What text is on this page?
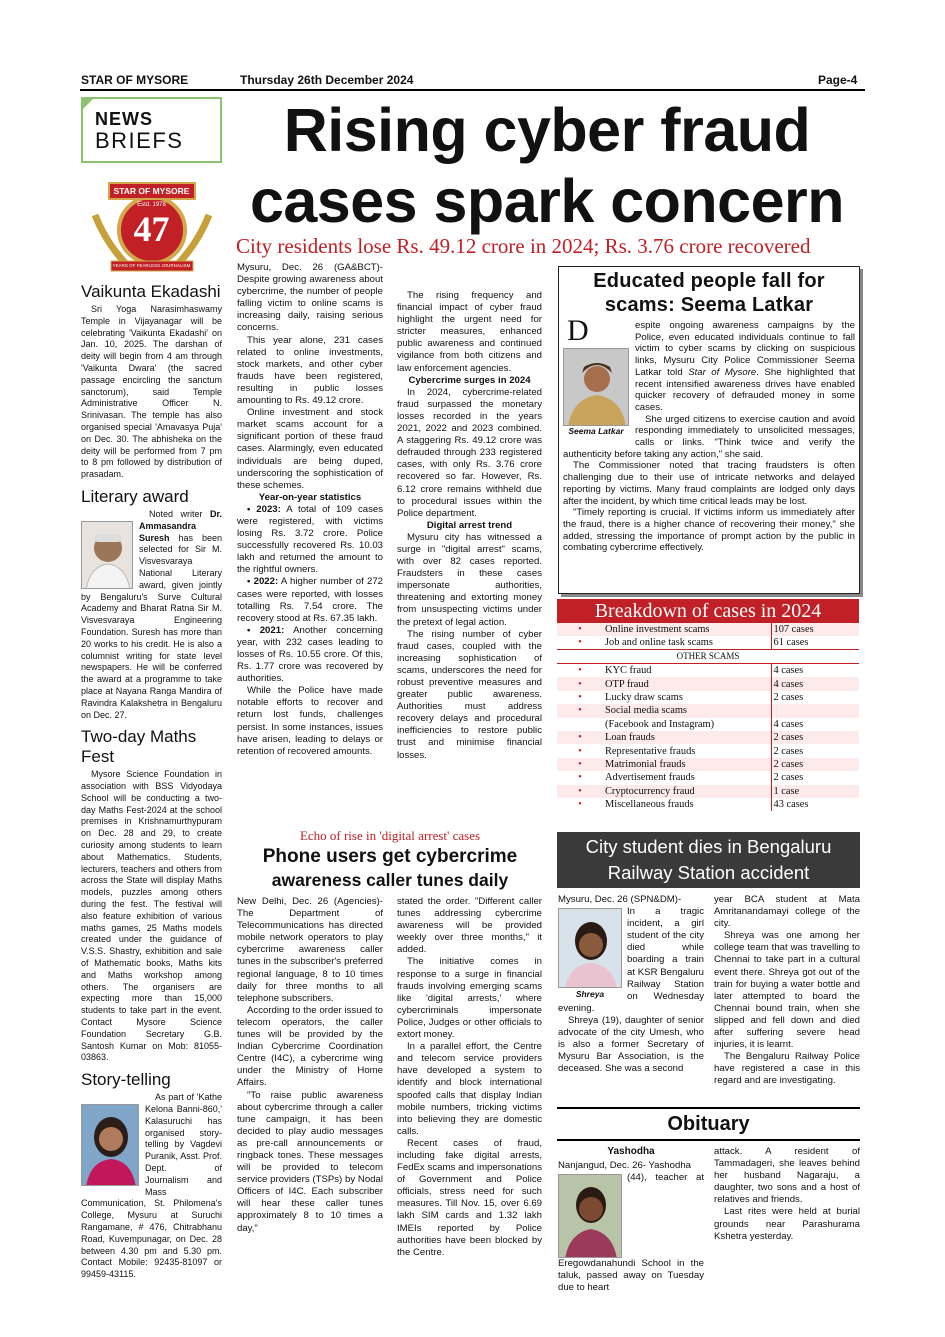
STAR OF MYSORE	Thursday 26th December 2024	Page-4
NEWS
BRIEFS
STAR OF MYSORE
Estd. 1978
47
YEARS OF FEARLESS JOURNALISM
Vaikunta Ekadashi

Sri Yoga Narasimhaswamy Temple in Vijayanagar will be celebrating 'Vaikunta Ekadashi' on Jan. 10, 2025. The darshan of deity will begin from 4 am through 'Vaikunta Dwara' (the sacred passage encircling the sanctum sanctorum), said Temple Administrative Officer N. Srinivasan. The temple has also organised special 'Amavasya Puja' on Dec. 30. The abhisheka on the deity will be performed from 7 pm to 8 pm followed by distribution of prasadam.

Literary award

Noted writer Dr. Ammasandra Suresh has been selected for Sir M. Visvesvaraya National Literary award, given jointly by Bengaluru's Surve Cultural Academy and Bharat Ratna Sir M. Visvesvaraya Engineering Foundation. Suresh has more than 20 works to his credit. He is also a columnist writing for state level newspapers. He will be conferred the award at a programme to take place at Nayana Ranga Mandira of Ravindra Kalakshetra in Bengaluru on Dec. 27.

Two-day Maths Fest

Mysore Science Foundation in association with BSS Vidyodaya School will be conducting a two-day Maths Fest-2024 at the school premises in Krishnamurthypuram on Dec. 28 and 29, to create curiosity among students to learn about Mathematics. Students, lecturers, teachers and others from across the State will display Maths models, puzzles among others during the fest. The festival will also feature exhibition of various maths games, 25 Maths models created under the guidance of V.S.S. Shastry, exhibition and sale of Mathematic books, Maths kits and Maths workshop among others. The organisers are expecting more than 15,000 students to take part in the event. Contact Mysore Science Foundation Secretary G.B. Santosh Kumar on Mob: 81055-03863.

Story-telling

As part of 'Kathe Kelona Banni-860,' Kalasuruchi has organised story-telling by Vagdevi Puranik, Asst. Prof. Dept. of Journalism and Mass Communication, St. Philomena's College, Mysuru at Suruchi Rangamane, # 476, Chitrabhanu Road, Kuvempunagar, on Dec. 28 between 4.30 pm and 5.30 pm. Contact Mobile: 92435-81097 or 99459-43115.

Rising cyber fraud
cases spark concern
City residents lose Rs. 49.12 crore in 2024; Rs. 3.76 crore recovered

Mysuru, Dec. 26 (GA&BCT)- Despite growing awareness about cybercrime, the number of people falling victim to online scams is increasing daily, raising serious concerns.

This year alone, 231 cases related to online investments, stock markets, and other cyber frauds have been registered, resulting in public losses amounting to Rs. 49.12 crore.

Online investment and stock market scams account for a significant portion of these fraud cases. Alarmingly, even educated individuals are being duped, underscoring the sophistication of these schemes.

Year-on-year statistics

• 2023: A total of 109 cases were registered, with victims losing Rs. 3.72 crore. Police successfully recovered Rs. 10.03 lakh and returned the amount to the rightful owners.

• 2022: A higher number of 272 cases were reported, with losses totalling Rs. 7.54 crore. The recovery stood at Rs. 67.35 lakh.

• 2021: Another concerning year, with 232 cases leading to losses of Rs. 10.55 crore. Of this, Rs. 1.77 crore was recovered by authorities.

While the Police have made notable efforts to recover and return lost funds, challenges persist. In some instances, issues have arisen, leading to delays or retention of recovered amounts.

The rising frequency and financial impact of cyber fraud highlight the urgent need for stricter measures, enhanced public awareness and continued vigilance from both citizens and law enforcement agencies.

Cybercrime surges in 2024

In 2024, cybercrime-related fraud surpassed the monetary losses recorded in the years 2021, 2022 and 2023 combined. A staggering Rs. 49.12 crore was defrauded through 233 registered cases, with only Rs. 3.76 crore recovered so far. However, Rs. 6.12 crore remains withheld due to procedural issues within the Police department.

Digital arrest trend

Mysuru city has witnessed a surge in "digital arrest" scams, with over 82 cases reported. Fraudsters in these cases impersonate authorities, threatening and extorting money from unsuspecting victims under the pretext of legal action.

The rising number of cyber fraud cases, coupled with the increasing sophistication of scams, underscores the need for robust preventive measures and greater public awareness. Authorities must address recovery delays and procedural inefficiencies to restore public trust and minimise financial losses.

Educated people fall for scams: Seema Latkar
Seema Latkar
D	espite ongoing awareness campaigns by the Police, even educated individuals continue to fall victim to cyber scams by clicking on suspicious links, Mysuru City Police Commissioner Seema Latkar told Star of Mysore. She highlighted that recent intensified awareness drives have enabled quicker recovery of defrauded money in some cases.

She urged citizens to exercise caution and avoid responding immediately to unsolicited messages, calls or links. "Think twice and verify the authenticity before taking any action," she said.

The Commissioner noted that tracing fraudsters is often challenging due to their use of intricate networks and delayed reporting by victims. Many fraud complaints are lodged only days after the incident, by which time critical leads may be lost.

"Timely reporting is crucial. If victims inform us immediately after the fraud, there is a higher chance of recovering their money," she added, stressing the importance of prompt action by the public in combating cybercrime effectively.

Breakdown of cases in 2024
•	Online investment scams	107 cases
•	Job and online task scams	61 cases
OTHER SCAMS		
•	KYC fraud	4 cases
•	OTP fraud	4 cases
•	Lucky draw scams	2 cases
•	Social media scams	
	(Facebook and Instagram)	4 cases
•	Loan frauds	2 cases
•	Representative frauds	2 cases
•	Matrimonial frauds	2 cases
•	Advertisement frauds	2 cases
•	Cryptocurrency fraud	1 case
•	Miscellaneous frauds	43 cases
Echo of rise in 'digital arrest' cases
Phone users get cybercrime
awareness caller tunes daily

New Delhi, Dec. 26 (Agencies)- The Department of Telecommunications has directed mobile network operators to play cybercrime awareness caller tunes in the subscriber's preferred regional language, 8 to 10 times daily for three months to all telephone subscribers.

According to the order issued to telecom operators, the caller tunes will be provided by the Indian Cybercrime Coordination Centre (I4C), a cybercrime wing under the Ministry of Home Affairs.

"To raise public awareness about cybercrime through a caller tune campaign, it has been decided to play audio messages as pre-call announcements or ringback tones. These messages will be provided to telecom service providers (TSPs) by Nodal Officers of I4C. Each subscriber will hear these caller tunes approximately 8 to 10 times a day,"

stated the order. "Different caller tunes addressing cybercrime awareness will be provided weekly over three months," it added.

The initiative comes in response to a surge in financial frauds involving emerging scams like 'digital arrests,' where cybercriminals impersonate Police, Judges or other officials to extort money.

In a parallel effort, the Centre and telecom service providers have developed a system to identify and block international spoofed calls that display Indian mobile numbers, tricking victims into believing they are domestic calls.

Recent cases of fraud, including fake digital arrests, FedEx scams and impersonations of Government and Police officials, stress need for such measures. Till Nov. 15, over 6.69 lakh SIM cards and 1.32 lakh IMEIs reported by Police authorities have been blocked by the Centre.

City student dies in Bengaluru
Railway Station accident

Mysuru, Dec. 26 (SPN&DM)-

Shreya

In a tragic incident, a girl student of the city died while boarding a train at KSR Bengaluru Railway Station on Wednesday evening.

Shreya (19), daughter of senior advocate of the city Umesh, who is also a former Secretary of Mysuru Bar Association, is the deceased. She was a second

year BCA student at Mata Amritanandamayi college of the city.

Shreya was one among her college team that was travelling to Chennai to take part in a cultural event there. Shreya got out of the train for buying a water bottle and later attempted to board the Chennai bound train, when she slipped and fell down and died after suffering severe head injuries, it is learnt.

The Bengaluru Railway Police have registered a case in this regard and are investigating.

Obituary
Yashodha

Nanjangud, Dec. 26- Yashodha

(44), teacher at Eregowdanahundi School in the taluk, passed away on Tuesday due to heart

attack. A resident of Tammadageri, she leaves behind her husband Nagaraju, a daughter, two sons and a host of relatives and friends.

Last rites were held at burial grounds near Parashurama Kshetra yesterday.
